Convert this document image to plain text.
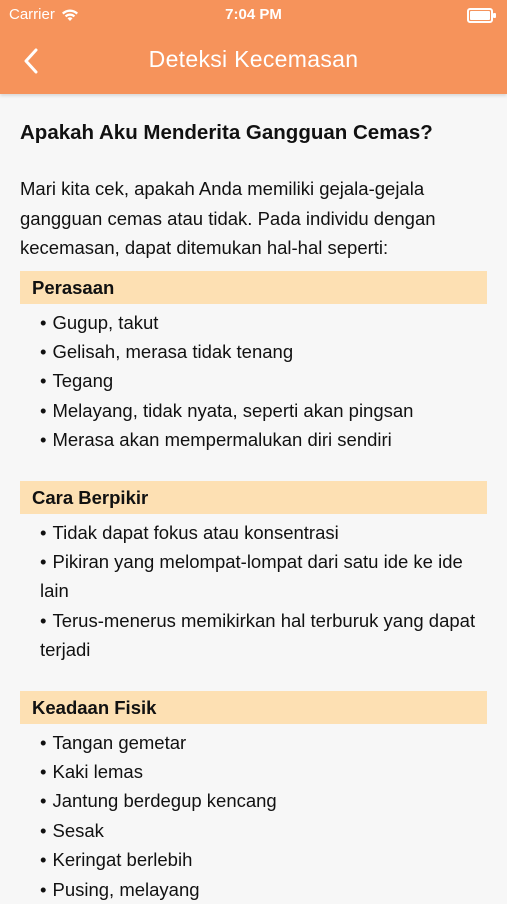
Carrier	7:04 PM
Deteksi Kecemasan
Apakah Aku Menderita Gangguan Cemas?

Mari kita cek, apakah Anda memiliki gejala-gejala gangguan cemas atau tidak. Pada individu dengan kecemasan, dapat ditemukan hal-hal seperti:

Perasaan
• Gugup, takut
• Gelisah, merasa tidak tenang
• Tegang
• Melayang, tidak nyata, seperti akan pingsan
• Merasa akan mempermalukan diri sendiri
Cara Berpikir
• Tidak dapat fokus atau konsentrasi
• Pikiran yang melompat-lompat dari satu ide ke ide lain
• Terus-menerus memikirkan hal terburuk yang dapat terjadi
Keadaan Fisik
• Tangan gemetar
• Kaki lemas
• Jantung berdegup kencang
• Sesak
• Keringat berlebih
• Pusing, melayang
